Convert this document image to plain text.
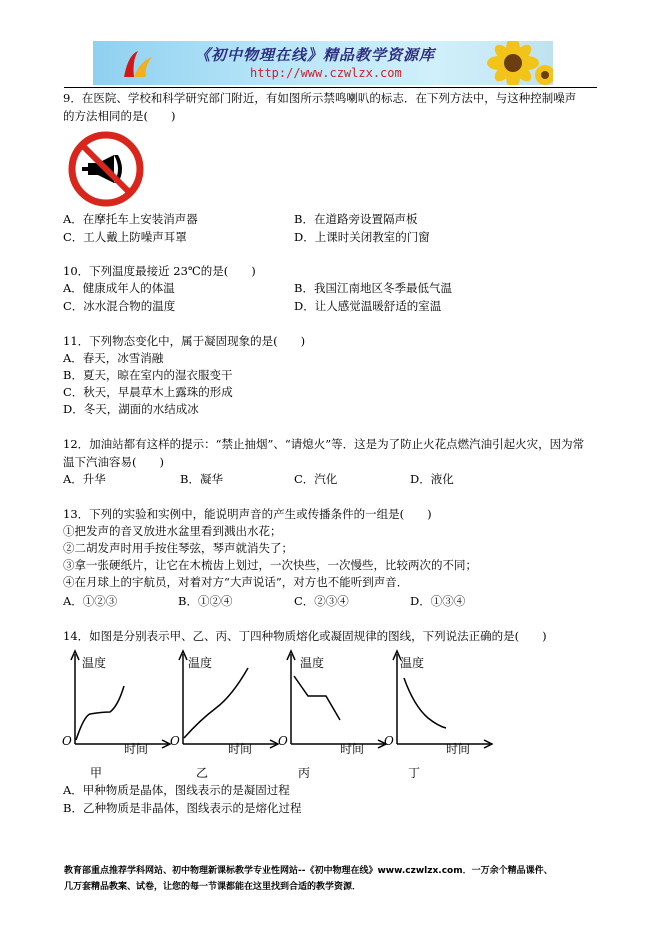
《初中物理在线》精品教学资源库
http://www.czwlzx.com
9．在医院、学校和科学研究部门附近，有如图所示禁鸣喇叭的标志．在下列方法中，与这种控制噪声
的方法相同的是(　　)
A．在摩托车上安装消声器	B．在道路旁设置隔声板
C．工人戴上防噪声耳罩	D．上课时关闭教室的门窗
10．下列温度最接近 23℃的是(　　)
A．健康成年人的体温	B．我国江南地区冬季最低气温
C．冰水混合物的温度	D．让人感觉温暖舒适的室温
11．下列物态变化中，属于凝固现象的是(　　)
A．春天，冰雪消融
B．夏天，晾在室内的湿衣服变干
C．秋天，早晨草木上露珠的形成
D．冬天，湖面的水结成冰
12．加油站都有这样的提示：“禁止抽烟”、“请熄火”等．这是为了防止火花点燃汽油引起火灾，因为常
温下汽油容易(　　)
A．升华	B．凝华	C．汽化	D．液化
13．下列的实验和实例中，能说明声音的产生或传播条件的一组是(　　)
①把发声的音叉放进水盆里看到溅出水花；
②二胡发声时用手按住琴弦，琴声就消失了；
③拿一张硬纸片，让它在木梳齿上划过，一次快些，一次慢些，比较两次的不同；
④在月球上的宇航员，对着对方“大声说话”，对方也不能听到声音．
A．①②③	B．①②④	C．②③④	D．①③④
14．如图是分别表示甲、乙、丙、丁四种物质熔化或凝固规律的图线，下列说法正确的是(　　)
温度
时间
O
甲
温度
时间
O
乙
温度
时间
O
丙
温度
时间
O
丁
A．甲种物质是晶体，图线表示的是凝固过程
B．乙种物质是非晶体，图线表示的是熔化过程
教育部重点推荐学科网站、初中物理新课标教学专业性网站--《初中物理在线》www.czwlzx.com．一万余个精品课件、
几万套精品教案、试卷，让您的每一节课都能在这里找到合适的教学资源．
